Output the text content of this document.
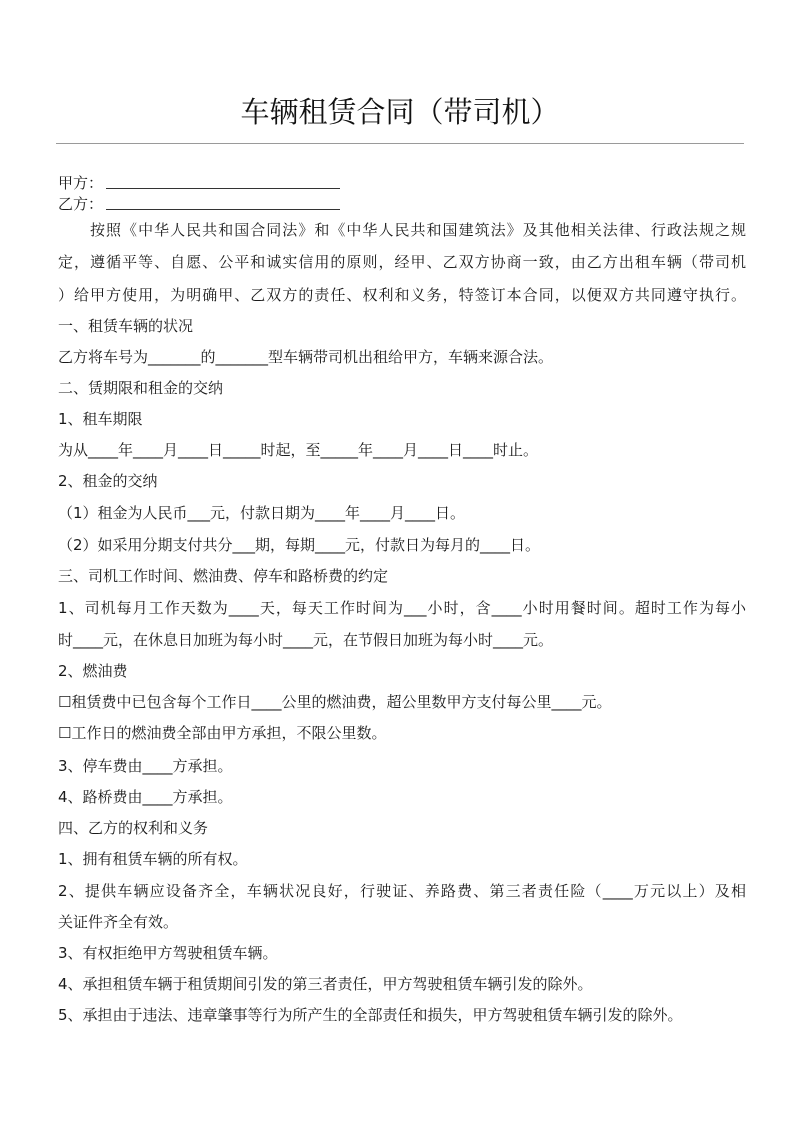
车辆租赁合同（带司机）
甲方：
乙方：
按照《中华人民共和国合同法》和《中华人民共和国建筑法》及其他相关法律、行政法规之规
定，遵循平等、自愿、公平和诚实信用的原则，经甲、乙双方协商一致，由乙方出租车辆（带司机
）给甲方使用，为明确甲、乙双方的责任、权利和义务，特签订本合同，以便双方共同遵守执行。
一、租赁车辆的状况
乙方将车号为_______的_______型车辆带司机出租给甲方，车辆来源合法。
二、赁期限和租金的交纳
1、租车期限
为从____年____月____日_____时起，至_____年____月____日____时止。
2、租金的交纳
（1）租金为人民币___元，付款日期为____年____月____日。
（2）如采用分期支付共分___期，每期____元，付款日为每月的____日。
三、司机工作时间、燃油费、停车和路桥费的约定
1、司机每月工作天数为____天，每天工作时间为___小时，含____小时用餐时间。超时工作为每小
时____元，在休息日加班为每小时____元，在节假日加班为每小时____元。
2、燃油费
☐租赁费中已包含每个工作日____公里的燃油费，超公里数甲方支付每公里____元。
☐工作日的燃油费全部由甲方承担，不限公里数。
3、停车费由____方承担。
4、路桥费由____方承担。
四、乙方的权利和义务
1、拥有租赁车辆的所有权。
2、提供车辆应设备齐全，车辆状况良好，行驶证、养路费、第三者责任险（____万元以上）及相
关证件齐全有效。
3、有权拒绝甲方驾驶租赁车辆。
4、承担租赁车辆于租赁期间引发的第三者责任，甲方驾驶租赁车辆引发的除外。
5、承担由于违法、违章肇事等行为所产生的全部责任和损失，甲方驾驶租赁车辆引发的除外。
